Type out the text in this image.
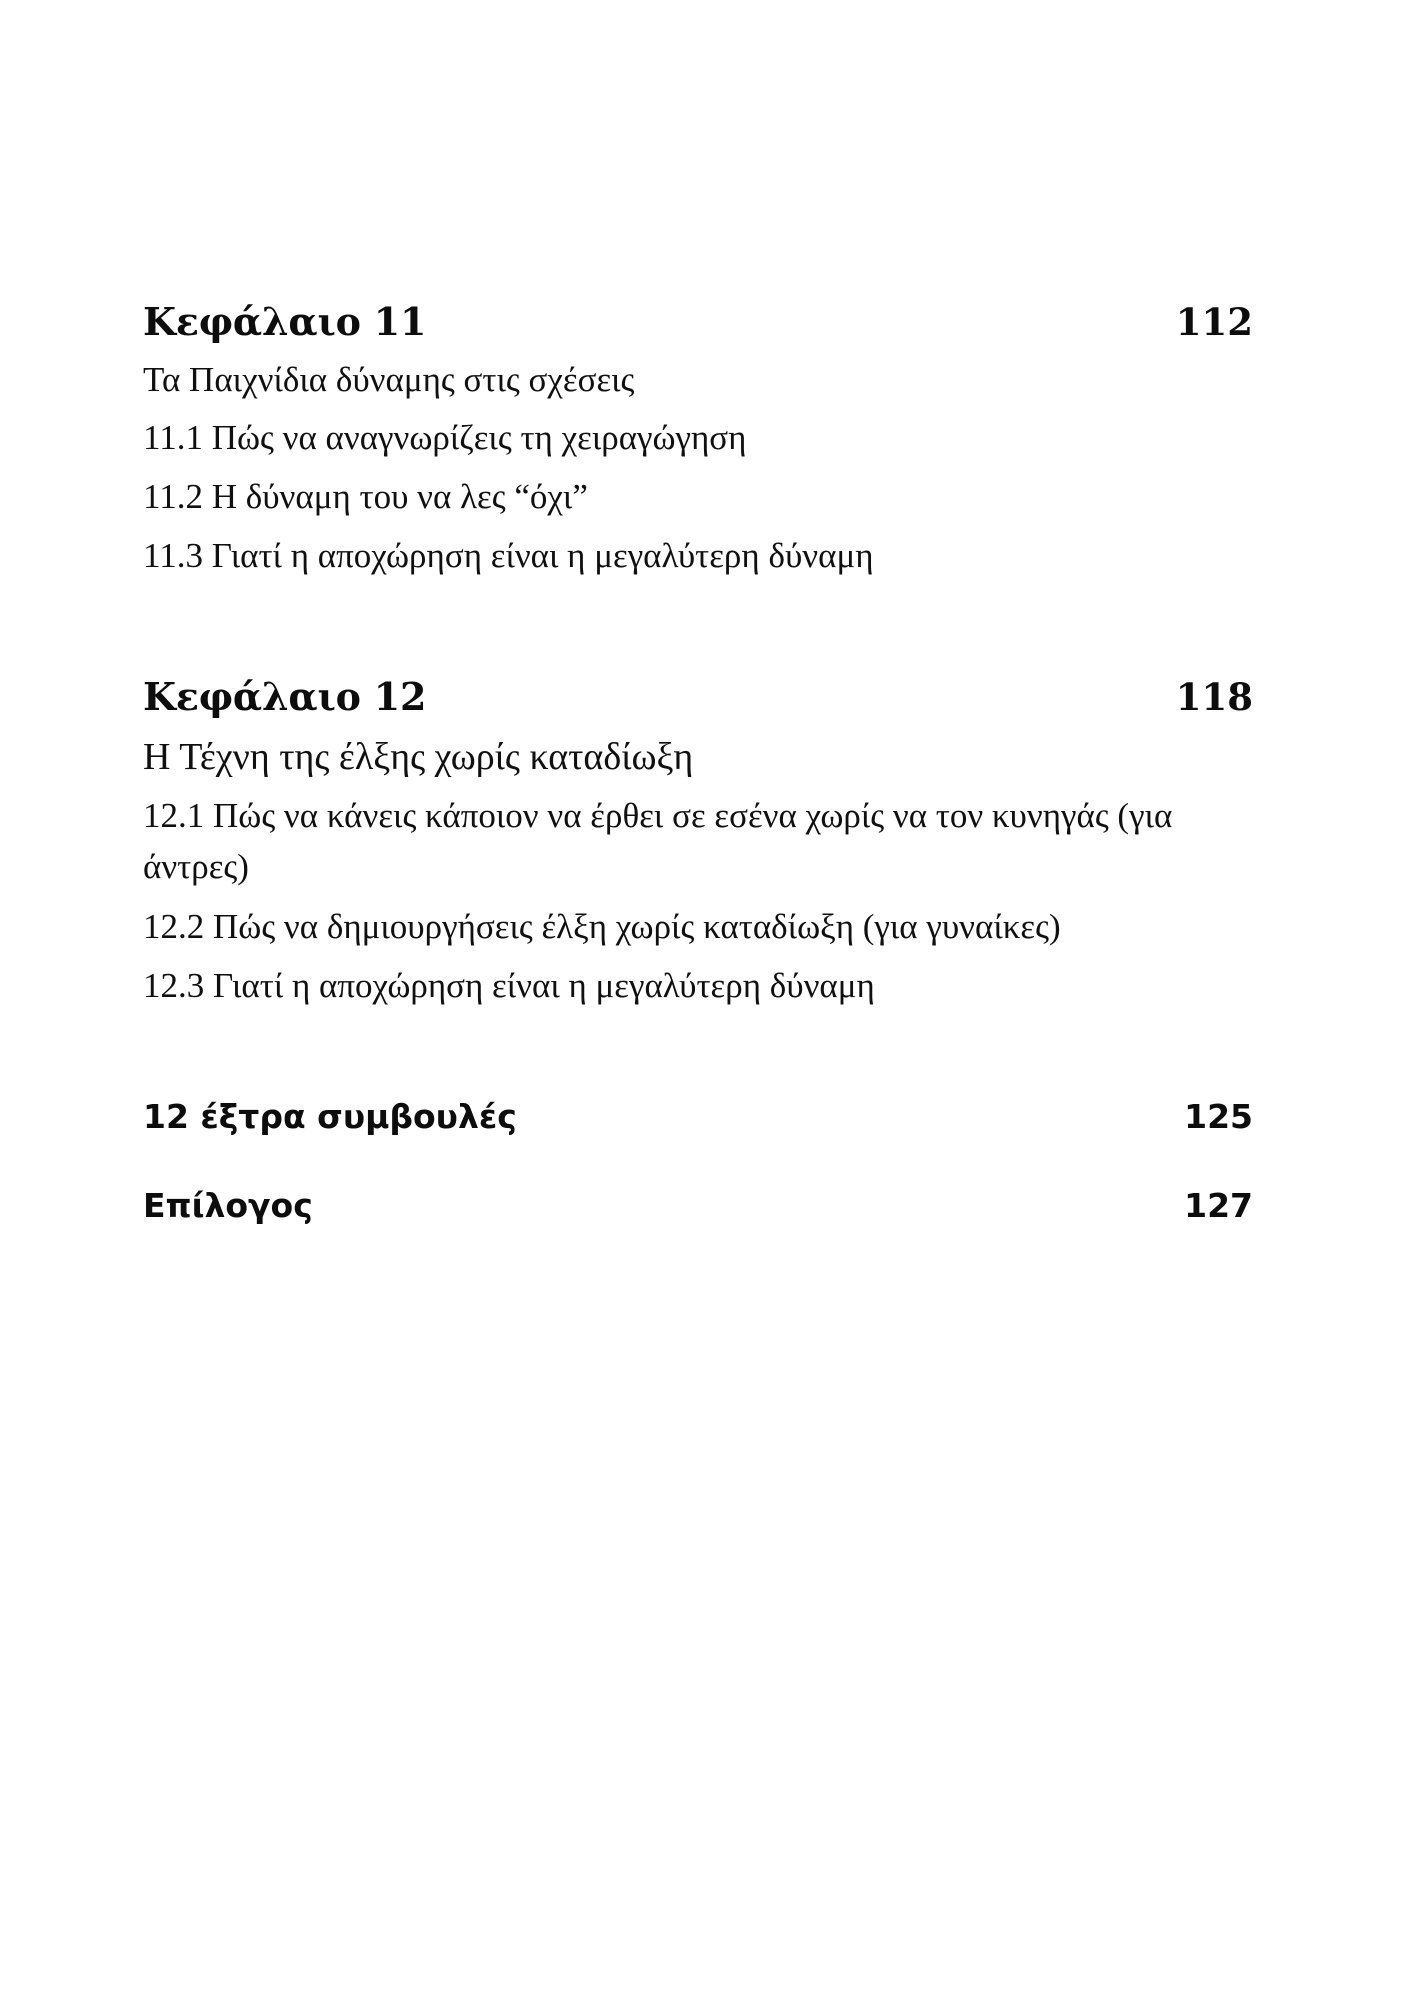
Κεφάλαιο 11	112
Τα Παιχνίδια δύναμης στις σχέσεις
11.1 Πώς να αναγνωρίζεις τη χειραγώγηση
11.2 Η δύναμη του να λες “όχι”
11.3 Γιατί η αποχώρηση είναι η μεγαλύτερη δύναμη
Κεφάλαιο 12	118
Η Τέχνη της έλξης χωρίς καταδίωξη
12.1 Πώς να κάνεις κάποιον να έρθει σε εσένα χωρίς να τον κυνηγάς (για άντρες)
12.2 Πώς να δημιουργήσεις έλξη χωρίς καταδίωξη (για γυναίκες)
12.3 Γιατί η αποχώρηση είναι η μεγαλύτερη δύναμη
12 έξτρα συμβουλές	125
Επίλογος	127
